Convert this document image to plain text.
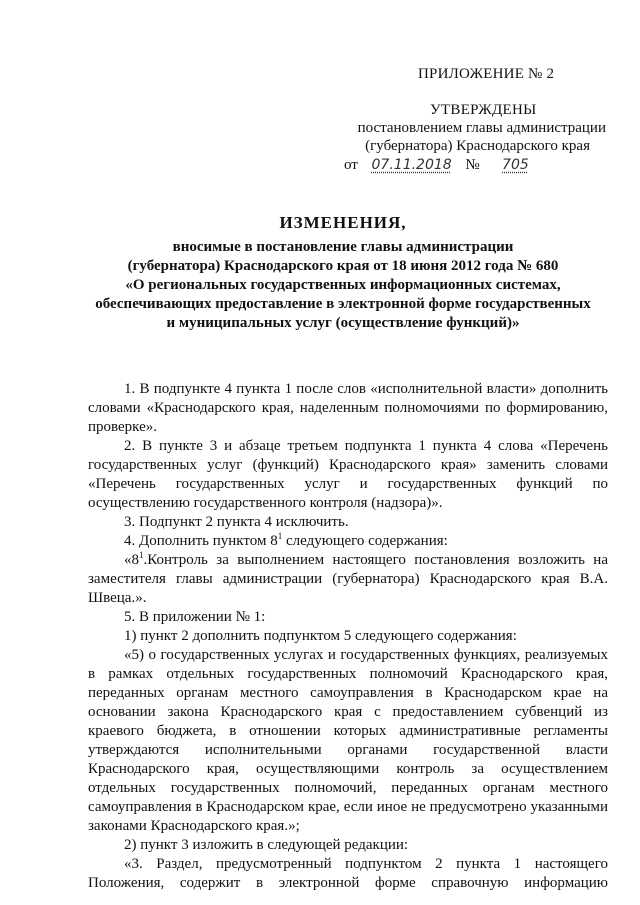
ПРИЛОЖЕНИЕ № 2
УТВЕРЖДЕНЫ
постановлением главы администрации
(губернатора) Краснодарского края
от 07.11.2018 № 705
ИЗМЕНЕНИЯ,
вносимые в постановление главы администрации
(губернатора) Краснодарского края от 18 июня 2012 года № 680
«О региональных государственных информационных системах,
обеспечивающих предоставление в электронной форме государственных
и муниципальных услуг (осуществление функций)»

1. В подпункте 4 пункта 1 после слов «исполнительной власти» дополнить словами «Краснодарского края, наделенным полномочиями по формированию, проверке».

2. В пункте 3 и абзаце третьем подпункта 1 пункта 4 слова «Перечень государственных услуг (функций) Краснодарского края» заменить словами «Перечень государственных услуг и государственных функций по осуществлению государственного контроля (надзора)».

3. Подпункт 2 пункта 4 исключить.

4. Дополнить пунктом $8^1$ следующего содержания:

«$8^1.Контроль$ за выполнением настоящего постановления возложить на заместителя главы администрации (губернатора) Краснодарского края В.А. Швеца.».

5. В приложении № 1:

1) пункт 2 дополнить подпунктом 5 следующего содержания:

«5) о государственных услугах и государственных функциях, реализуемых в рамках отдельных государственных полномочий Краснодарского края, переданных органам местного самоуправления в Краснодарском крае на основании закона Краснодарского края с предоставлением субвенций из краевого бюджета, в отношении которых административные регламенты утверждаются исполнительными органами государственной власти Краснодарского края, осуществляющими контроль за осуществлением отдельных государственных полномочий, переданных органам местного самоуправления в Краснодарском крае, если иное не предусмотрено указанными законами Краснодарского края.»;

2) пункт 3 изложить в следующей редакции:

«3. Раздел, предусмотренный подпунктом 2 пункта 1 настоящего Положения, содержит в электронной форме справочную информацию
